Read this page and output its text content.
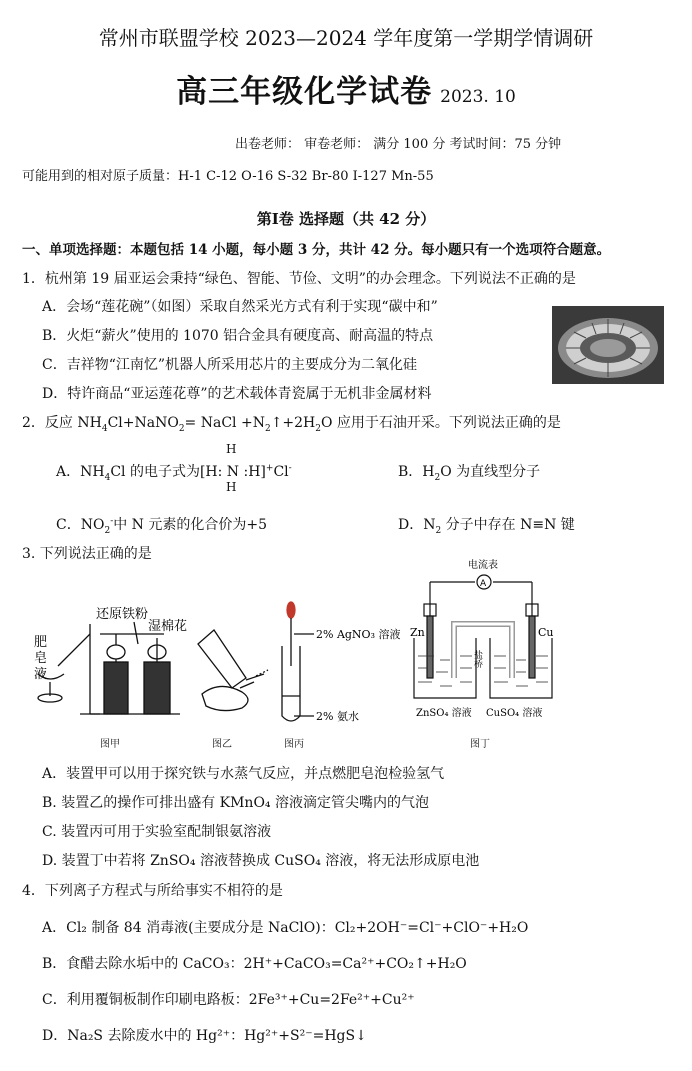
常州市联盟学校 2023—2024 学年度第一学期学情调研
高三年级化学试卷 2023. 10
出卷老师： 审卷老师： 满分 100 分 考试时间：75 分钟
可能用到的相对原子质量：H-1 C-12 O-16 S-32 Br-80 I-127 Mn-55
第Ⅰ卷 选择题（共 42 分）
一、单项选择题：本题包括 14 小题，每小题 3 分，共计 42 分。每小题只有一个选项符合题意。
1．杭州第 19 届亚运会秉持“绿色、智能、节俭、文明”的办会理念。下列说法不正确的是
A．会场“莲花碗”（如图）采取自然采光方式有利于实现“碳中和”
B．火炬“薪火”使用的 1070 铝合金具有硬度高、耐高温的特点
C．吉祥物“江南忆”机器人所采用芯片的主要成分为二氧化硅
D．特许商品“亚运莲花尊”的艺术载体青瓷属于无机非金属材料
2．反应 $NH_4Cl+NaNO_2=$ NaCl $+N_2↑+2H_2O$ 应用于石油开采。下列说法正确的是
H
A．$NH_4Cl$ 的电子式为[H: N :H]+Cl-
H
B．$H_2O$ 为直线型分子
C．$NO_2^-$中 N 元素的化合价为+5	D．$N_2$ 分子中存在 N≡N 键
3. 下列说法正确的是
肥
皂
液
还原铁粉
湿棉花
图甲	图乙
2% AgNO₃ 溶液
2% 氨水
图丙
电流表
A
Zn	Cu
盐桥
ZnSO₄ 溶液 CuSO₄ 溶液
图丁
A．装置甲可以用于探究铁与水蒸气反应，并点燃肥皂泡检验氢气
B. 装置乙的操作可排出盛有 KMnO₄ 溶液滴定管尖嘴内的气泡
C. 装置丙可用于实验室配制银氨溶液
D. 装置丁中若将 ZnSO₄ 溶液替换成 CuSO₄ 溶液，将无法形成原电池
4．下列离子方程式与所给事实不相符的是
A．Cl₂ 制备 84 消毒液(主要成分是 NaClO)：Cl₂+2OH⁻=Cl⁻+ClO⁻+H₂O
B．食醋去除水垢中的 CaCO₃：2H⁺+CaCO₃=Ca²⁺+CO₂↑+H₂O
C．利用覆铜板制作印刷电路板：2Fe³⁺+Cu=2Fe²⁺+Cu²⁺
D．Na₂S 去除废水中的 Hg²⁺：Hg²⁺+S²⁻=HgS↓
